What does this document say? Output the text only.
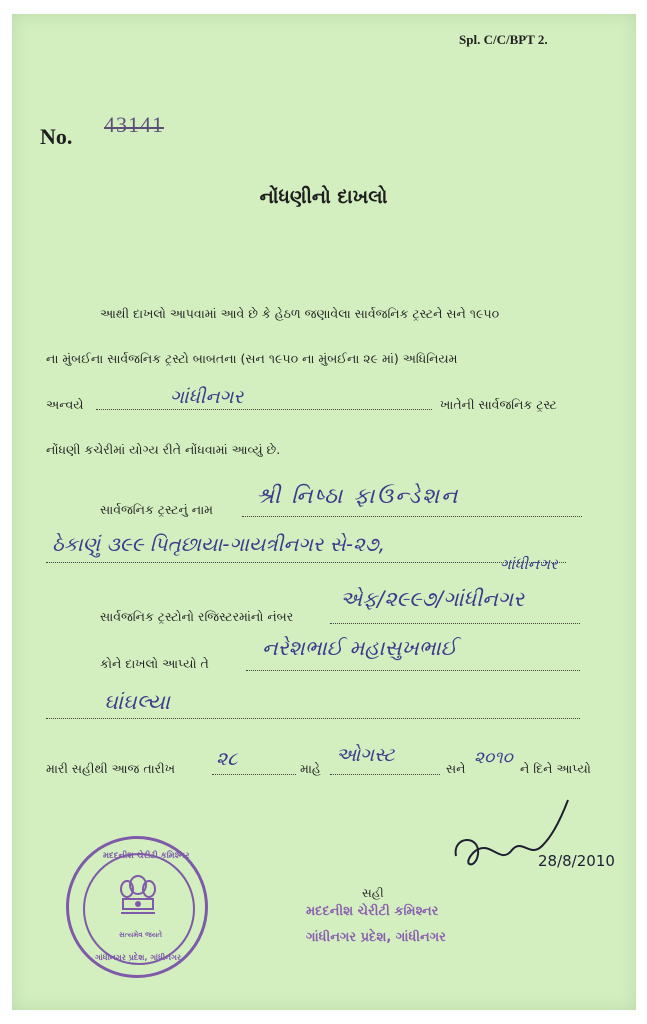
Spl. C/C/BPT 2.
No. 43141
નોંધણીનો દાખલો
આથી દાખલો આપવામાં આવે છે કે હેઠળ જણાવેલા સાર્વજનિક ટ્રસ્ટને સને ૧૯૫૦
ના મુંબઈના સાર્વજનિક ટ્રસ્ટો બાબતના (સન ૧૯૫૦ ના મુંબઈના ૨૯ માં) અધિનિયમ
અન્વયે	ગાંધીનગર	ખાતેની સાર્વજનિક ટ્રસ્ટ
નોંધણી કચેરીમાં યોગ્ય રીતે નોંધવામાં આવ્યું છે.
સાર્વજનિક ટ્રસ્ટનું નામ
શ્રી નિષ્ઠા ફાઉન્ડેશન
ઠેકાણું ૩૯૯ પિતૃછાયા-ગાયત્રીનગર સે-૨૭,
ગાંધીનગર
સાર્વજનિક ટ્રસ્ટોનો રજિસ્ટરમાંનો નંબર
એફ/૨૯૯૭/ગાંધીનગર
કોને દાખલો આપ્યો તે
નરેશભાઈ મહાસુખભાઈ
ઘાંઘલ્યા
મારી સહીથી આજ તારીખ ૨૮	માહે
ઓગસ્ટ
સને
૨૦૧૦
ને દિને આપ્યો
28/8/2010
સહી
મદદનીશ ચેરીટી કમિશ્નર
ગાંધીનગર પ્રદેશ, ગાંધીનગર
મદદનીશ ચેરીટી કમિશ્નર
સત્યમેવ જયતે
ગાંધીનગર પ્રદેશ, ગાંધીનગર
